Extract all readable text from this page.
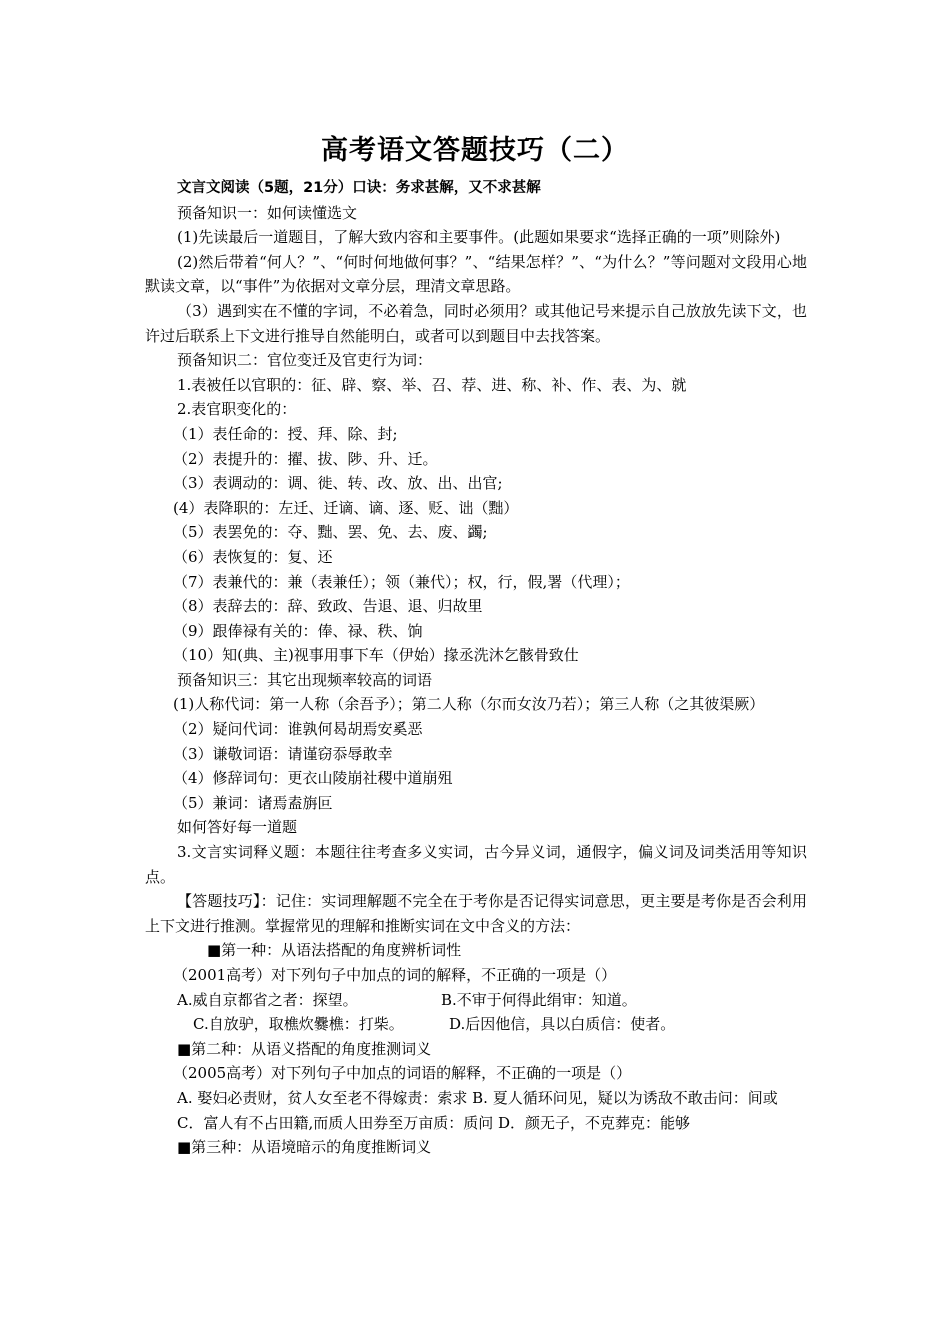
高考语文答题技巧（二）

文言文阅读（5题，21分）口诀：务求甚解，又不求甚解

预备知识一：如何读懂选文

(1)先读最后一道题目，了解大致内容和主要事件。(此题如果要求“选择正确的一项”则除外)

(2)然后带着“何人？”、“何时何地做何事？”、“结果怎样？”、“为什么？”等问题对文段用心地默读文章，以“事件”为依据对文章分层，理清文章思路。

（3）遇到实在不懂的字词，不必着急，同时必须用？或其他记号来提示自己放放先读下文，也许过后联系上下文进行推导自然能明白，或者可以到题目中去找答案。

预备知识二：官位变迁及官吏行为词：

1.表被任以官职的：征、辟、察、举、召、荐、进、称、补、作、表、为、就

2.表官职变化的：

（1）表任命的：授、拜、除、封;

（2）表提升的：擢、拔、陟、升、迁。

（3）表调动的：调、徙、转、改、放、出、出官;

(4）表降职的：左迁、迁谪、谪、逐、贬、诎（黜）

（5）表罢免的：夺、黜、罢、免、去、废、蠲;

（6）表恢复的：复、还

（7）表兼代的：兼（表兼任）；领（兼代）；权，行，假,署（代理）；

（8）表辞去的：辞、致政、告退、退、归故里

（9）跟俸禄有关的：俸、禄、秩、饷

（10）知(典、主)视事用事下车（伊始）掾丞洗沐乞骸骨致仕

预备知识三：其它出现频率较高的词语

(1)人称代词：第一人称（余吾予）；第二人称（尔而女汝乃若）；第三人称（之其彼渠厥）

（2）疑问代词：谁孰何曷胡焉安奚恶

（3）谦敬词语：请谨窃忝辱敢幸

（4）修辞词句：更衣山陵崩社稷中道崩殂

（5）兼词：诸焉盍旃叵

如何答好每一道题

3.文言实词释义题：本题往往考查多义实词，古今异义词，通假字，偏义词及词类活用等知识点。

【答题技巧】：记住：实词理解题不完全在于考你是否记得实词意思，更主要是考你是否会利用上下文进行推测。掌握常见的理解和推断实词在文中含义的方法：

■第一种：从语法搭配的角度辨析词性

（2001高考）对下列句子中加点的词的解释，不正确的一项是（）

A.威自京都省之者：探望。	B.不审于何得此绢审：知道。
C.自放驴，取樵炊爨樵：打柴。	D.后因他信，具以白质信：使者。

■第二种：从语义搭配的角度推测词义

（2005高考）对下列句子中加点的词语的解释，不正确的一项是（）

A. 娶妇必责财，贫人女至老不得嫁责：索求 B. 夏人循环问见，疑以为诱敌不敢击问：间或

C．富人有不占田籍,而质人田券至万亩质：质问 D．颜无子，不克葬克：能够

■第三种：从语境暗示的角度推断词义
